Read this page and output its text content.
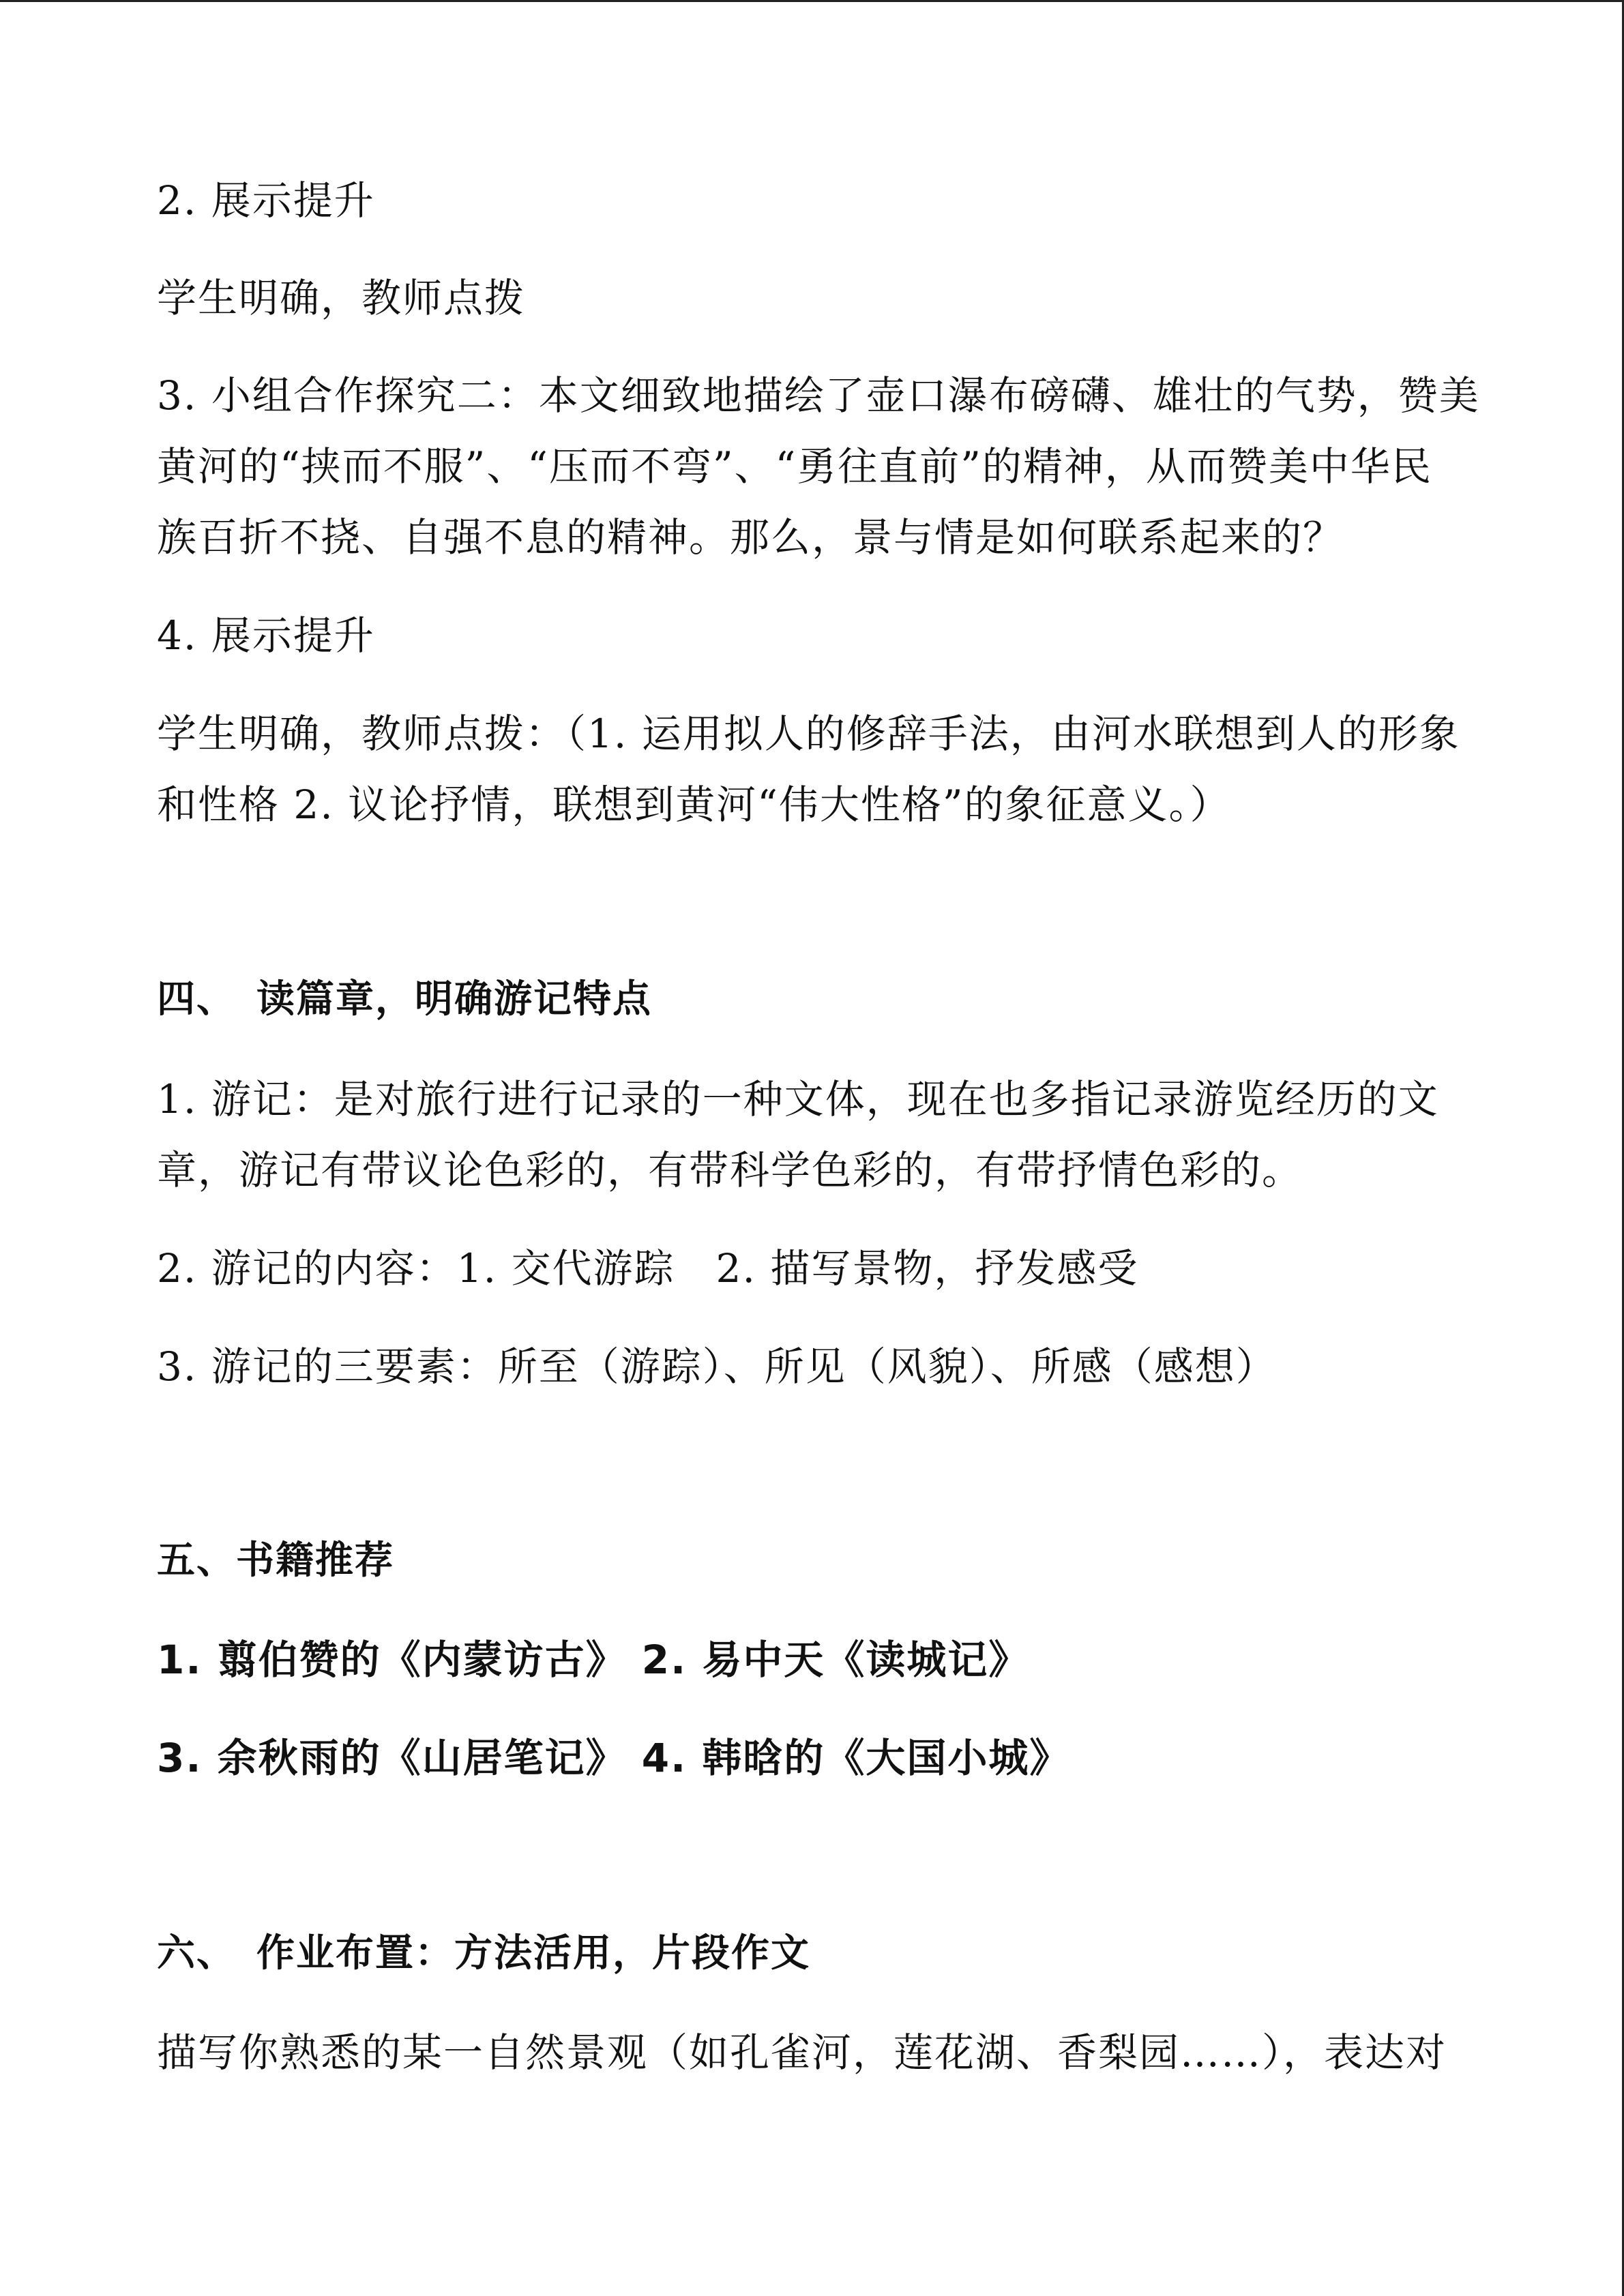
2. 展示提升
学生明确，教师点拨
3. 小组合作探究二：本文细致地描绘了壶口瀑布磅礴、雄壮的气势，赞美
黄河的“挟而不服”、“压而不弯”、“勇往直前”的精神，从而赞美中华民
族百折不挠、自强不息的精神。那么，景与情是如何联系起来的？
4. 展示提升
学生明确，教师点拨：（1. 运用拟人的修辞手法，由河水联想到人的形象
和性格 2. 议论抒情，联想到黄河“伟大性格”的象征意义。）
四、　读篇章，明确游记特点
1. 游记：是对旅行进行记录的一种文体，现在也多指记录游览经历的文
章，游记有带议论色彩的，有带科学色彩的，有带抒情色彩的。
2. 游记的内容：1. 交代游踪　2. 描写景物，抒发感受
3. 游记的三要素：所至（游踪）、所见（风貌）、所感（感想）
五、书籍推荐
1. 翦伯赞的《内蒙访古》 2. 易中天《读城记》
3. 余秋雨的《山居笔记》 4. 韩晗的《大国小城》
六、　作业布置：方法活用，片段作文
描写你熟悉的某一自然景观（如孔雀河，莲花湖、香梨园……），表达对
